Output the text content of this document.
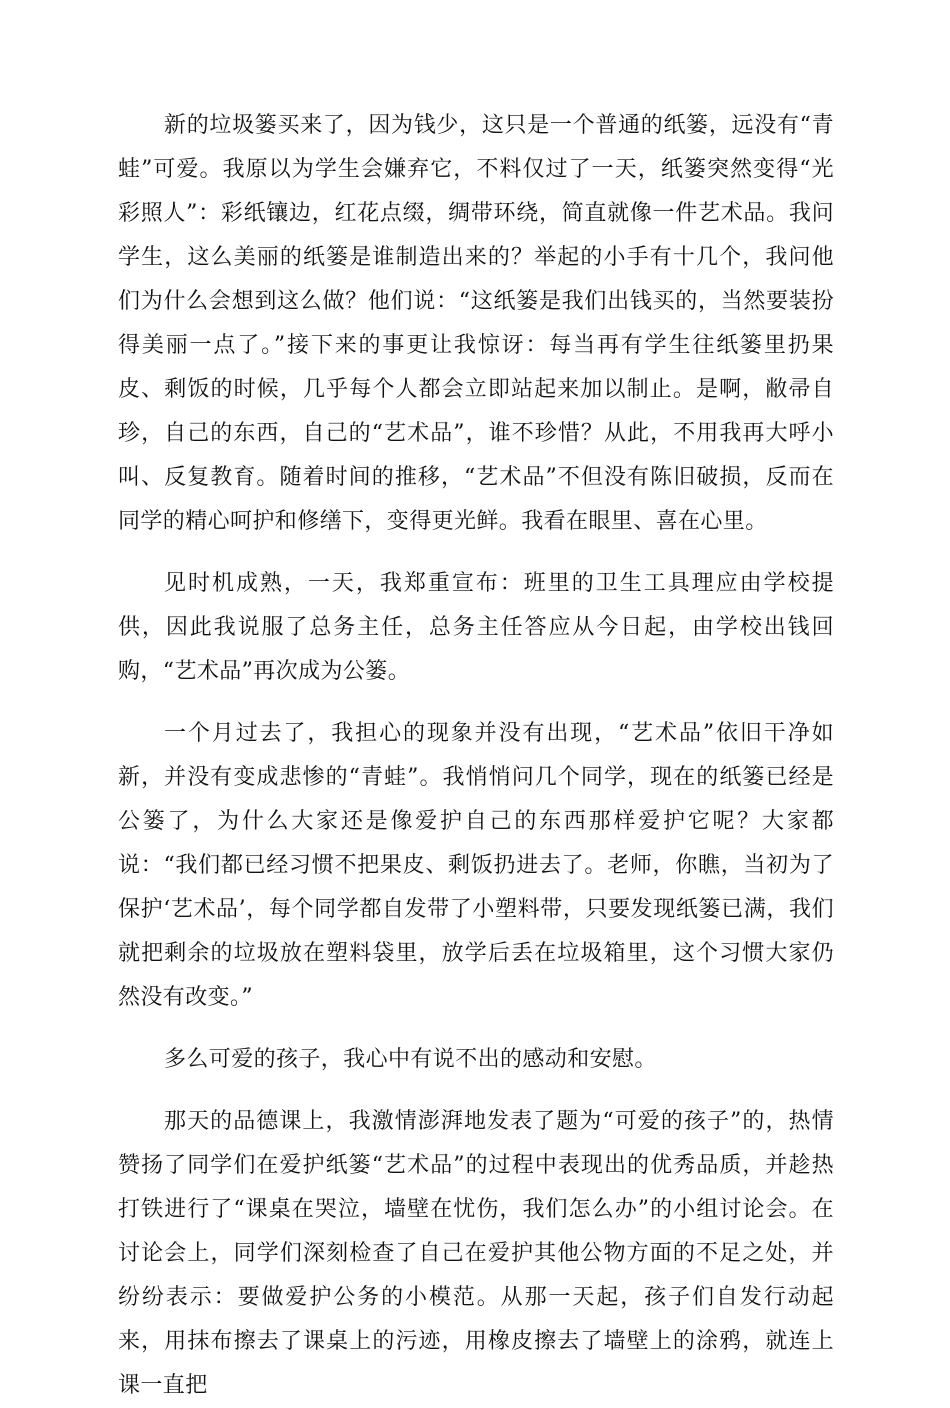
新的垃圾篓买来了，因为钱少，这只是一个普通的纸篓，远没有“青蛙”可爱。我原以为学生会嫌弃它，不料仅过了一天，纸篓突然变得“光彩照人”：彩纸镶边，红花点缀，绸带环绕，简直就像一件艺术品。我问学生，这么美丽的纸篓是谁制造出来的？举起的小手有十几个，我问他们为什么会想到这么做？他们说：“这纸篓是我们出钱买的，当然要装扮得美丽一点了。”接下来的事更让我惊讶：每当再有学生往纸篓里扔果皮、剩饭的时候，几乎每个人都会立即站起来加以制止。是啊，敝帚自珍，自己的东西，自己的“艺术品”，谁不珍惜？从此，不用我再大呼小叫、反复教育。随着时间的推移，“艺术品”不但没有陈旧破损，反而在同学的精心呵护和修缮下，变得更光鲜。我看在眼里、喜在心里。

见时机成熟，一天，我郑重宣布：班里的卫生工具理应由学校提供，因此我说服了总务主任，总务主任答应从今日起，由学校出钱回购，“艺术品”再次成为公篓。

一个月过去了，我担心的现象并没有出现，“艺术品”依旧干净如新，并没有变成悲惨的“青蛙”。我悄悄问几个同学，现在的纸篓已经是公篓了，为什么大家还是像爱护自己的东西那样爱护它呢？大家都说：“我们都已经习惯不把果皮、剩饭扔进去了。老师，你瞧，当初为了保护‘艺术品’，每个同学都自发带了小塑料带，只要发现纸篓已满，我们就把剩余的垃圾放在塑料袋里，放学后丢在垃圾箱里，这个习惯大家仍然没有改变。”

多么可爱的孩子，我心中有说不出的感动和安慰。

那天的品德课上，我激情澎湃地发表了题为“可爱的孩子”的，热情赞扬了同学们在爱护纸篓“艺术品”的过程中表现出的优秀品质，并趁热打铁进行了“课桌在哭泣，墙壁在忧伤，我们怎么办”的小组讨论会。在讨论会上，同学们深刻检查了自己在爱护其他公物方面的不足之处，并纷纷表示：要做爱护公务的小模范。从那一天起，孩子们自发行动起来，用抹布擦去了课桌上的污迹，用橡皮擦去了墙壁上的涂鸦，就连上课一直把
